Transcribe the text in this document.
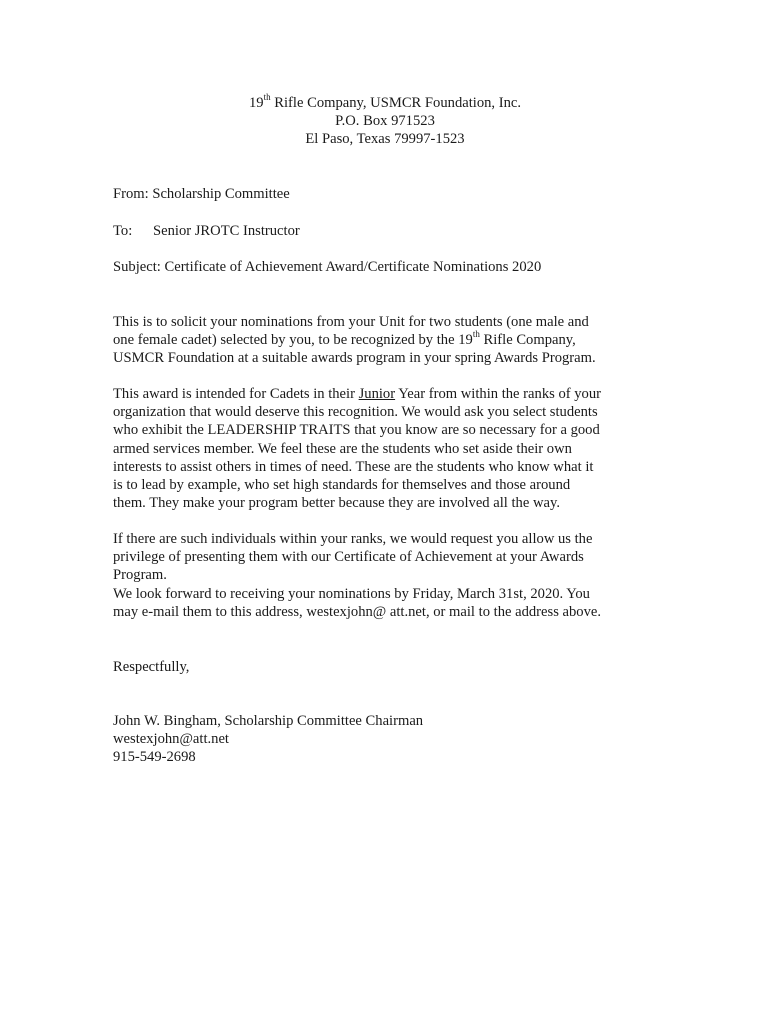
19th Rifle Company, USMCR Foundation, Inc.
P.O. Box 971523
El Paso, Texas 79997-1523
From: Scholarship Committee
To: Senior JROTC Instructor
Subject: Certificate of Achievement Award/Certificate Nominations 2020
This is to solicit your nominations from your Unit for two students (one male and
one female cadet) selected by you, to be recognized by the 19th Rifle Company,
USMCR Foundation at a suitable awards program in your spring Awards Program.
This award is intended for Cadets in their Junior Year from within the ranks of your
organization that would deserve this recognition. We would ask you select students
who exhibit the LEADERSHIP TRAITS that you know are so necessary for a good
armed services member. We feel these are the students who set aside their own
interests to assist others in times of need. These are the students who know what it
is to lead by example, who set high standards for themselves and those around
them. They make your program better because they are involved all the way.
If there are such individuals within your ranks, we would request you allow us the
privilege of presenting them with our Certificate of Achievement at your Awards
Program.
We look forward to receiving your nominations by Friday, March 31st, 2020. You
may e-mail them to this address, westexjohn@ att.net, or mail to the address above.
Respectfully,
John W. Bingham, Scholarship Committee Chairman
westexjohn@att.net
915-549-2698
